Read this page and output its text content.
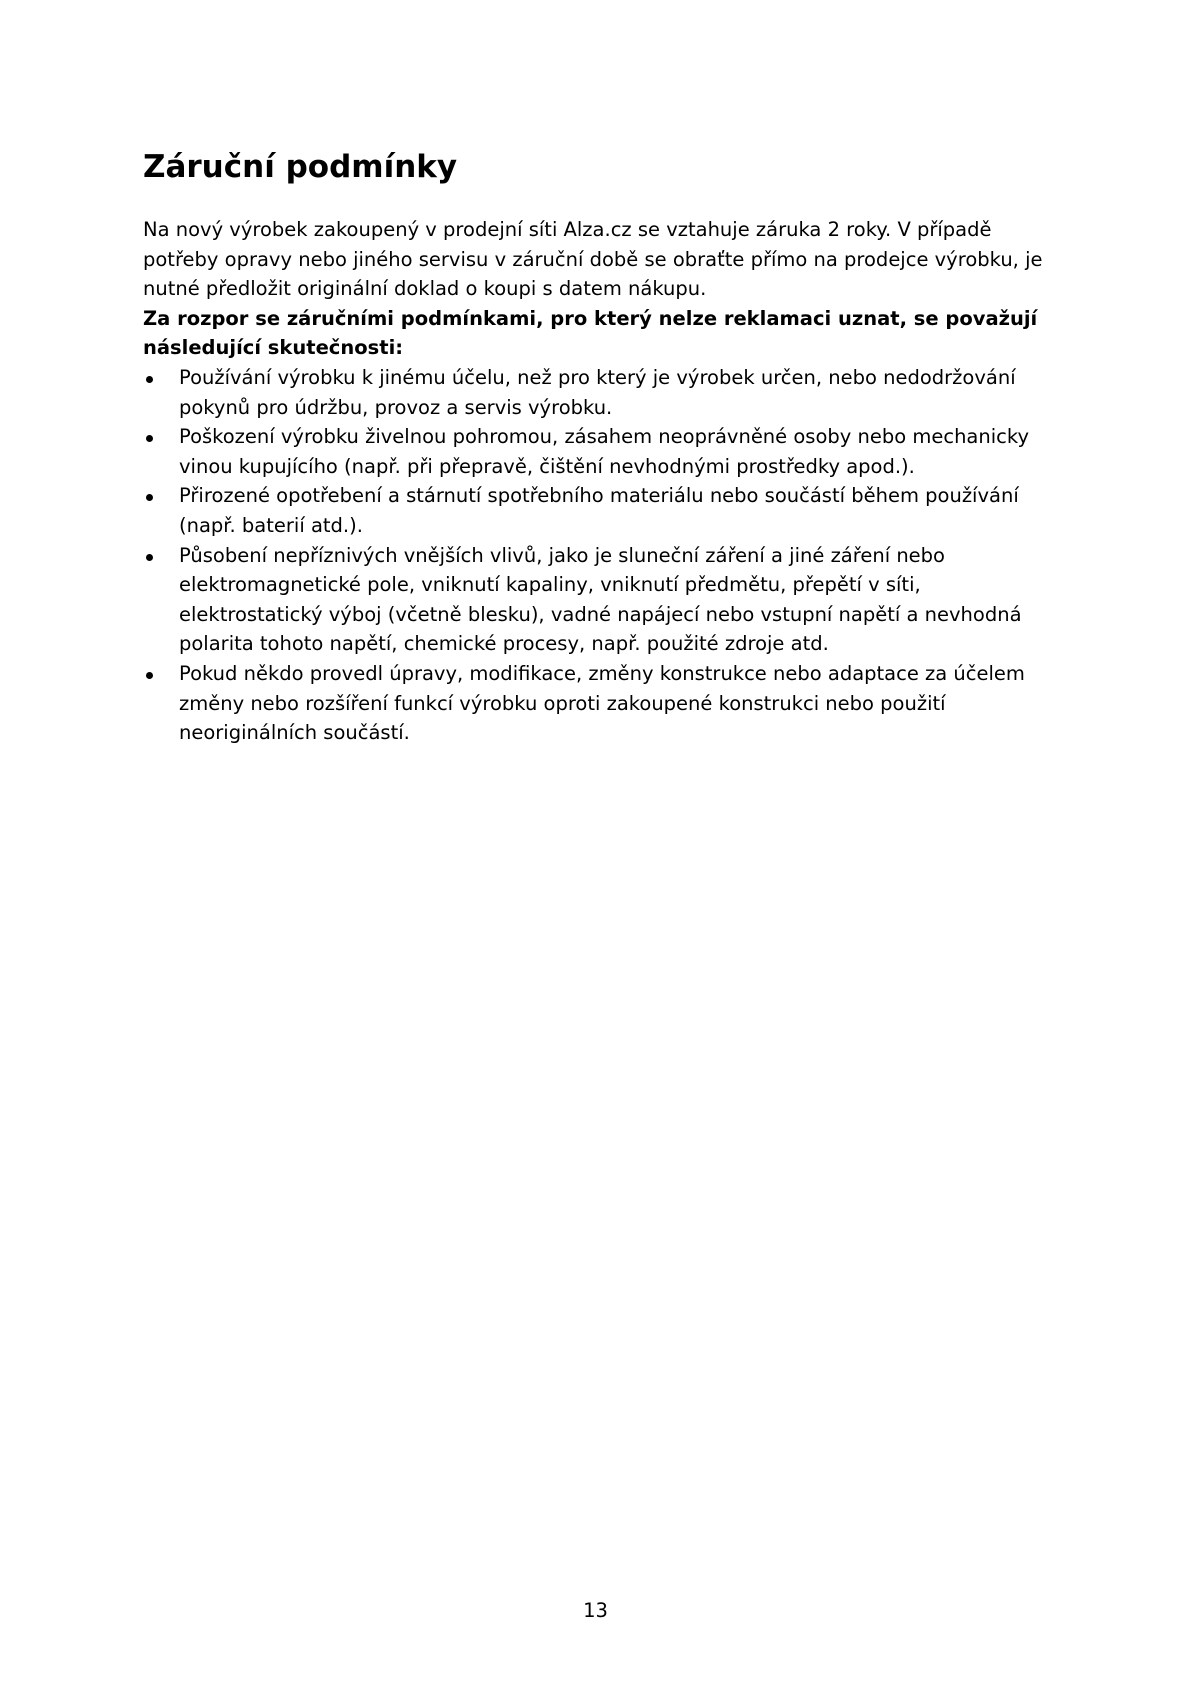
Záruční podmínky

Na nový výrobek zakoupený v prodejní síti Alza.cz se vztahuje záruka 2 roky. V případě
potřeby opravy nebo jiného servisu v záruční době se obraťte přímo na prodejce výrobku, je
nutné předložit originální doklad o koupi s datem nákupu.

Za rozpor se záručními podmínkami, pro který nelze reklamaci uznat, se považují
následující skutečnosti:

Používání výrobku k jinému účelu, než pro který je výrobek určen, nebo nedodržování
pokynů pro údržbu, provoz a servis výrobku.
Poškození výrobku živelnou pohromou, zásahem neoprávněné osoby nebo mechanicky
vinou kupujícího (např. při přepravě, čištění nevhodnými prostředky apod.).
Přirozené opotřebení a stárnutí spotřebního materiálu nebo součástí během používání
(např. baterií atd.).
Působení nepříznivých vnějších vlivů, jako je sluneční záření a jiné záření nebo
elektromagnetické pole, vniknutí kapaliny, vniknutí předmětu, přepětí v síti,
elektrostatický výboj (včetně blesku), vadné napájecí nebo vstupní napětí a nevhodná
polarita tohoto napětí, chemické procesy, např. použité zdroje atd.
Pokud někdo provedl úpravy, modifikace, změny konstrukce nebo adaptace za účelem
změny nebo rozšíření funkcí výrobku oproti zakoupené konstrukci nebo použití
neoriginálních součástí.
13
